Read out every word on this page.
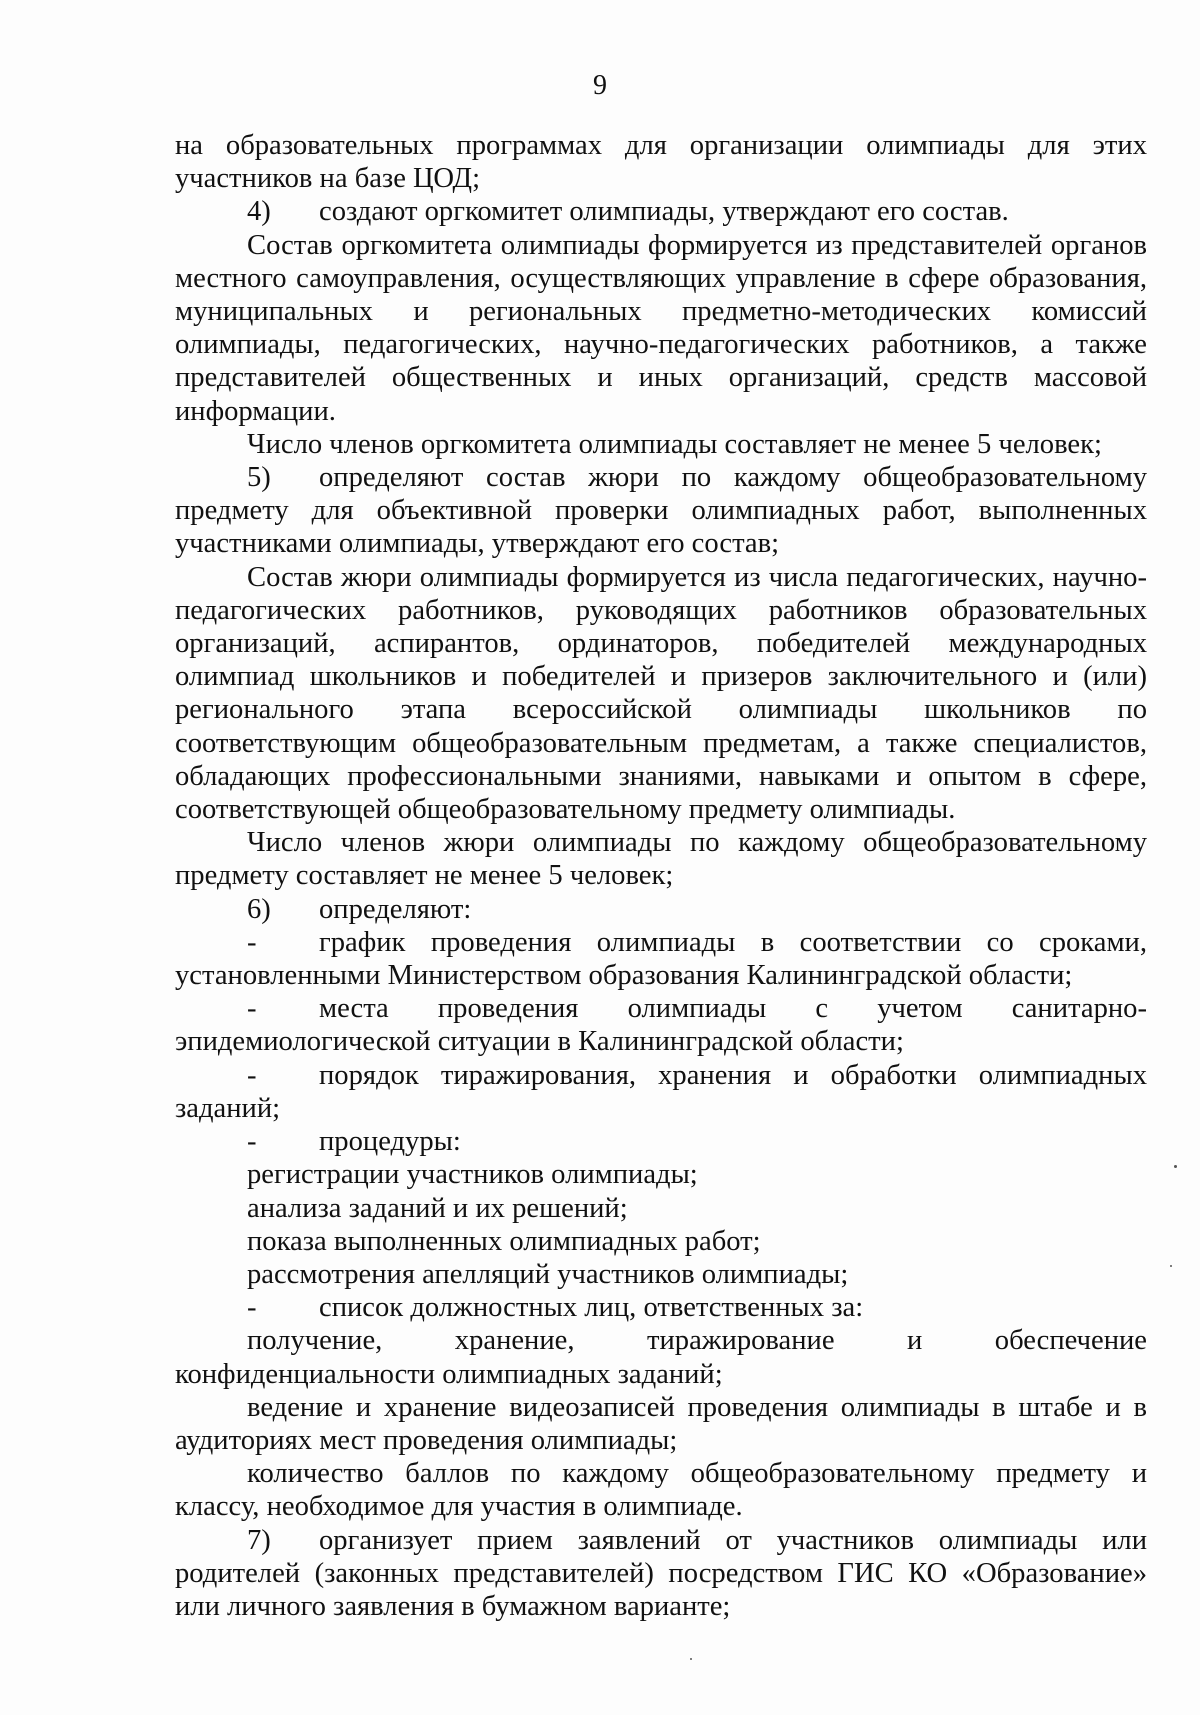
9

на образовательных программах для организации олимпиады для этих участников на базе ЦОД;

4) создают оргкомитет олимпиады, утверждают его состав.

Состав оргкомитета олимпиады формируется из представителей органов местного самоуправления, осуществляющих управление в сфере образования, муниципальных и региональных предметно-методических комиссий олимпиады, педагогических, научно-педагогических работников, а также представителей общественных и иных организаций, средств массовой информации.

Число членов оргкомитета олимпиады составляет не менее 5 человек;

5) определяют состав жюри по каждому общеобразовательному предмету для объективной проверки олимпиадных работ, выполненных участниками олимпиады, утверждают его состав;

Состав жюри олимпиады формируется из числа педагогических, научно-педагогических работников, руководящих работников образовательных организаций, аспирантов, ординаторов, победителей международных олимпиад школьников и победителей и призеров заключительного и (или) регионального этапа всероссийской олимпиады школьников по соответствующим общеобразовательным предметам, а также специалистов, обладающих профессиональными знаниями, навыками и опытом в сфере, соответствующей общеобразовательному предмету олимпиады.

Число членов жюри олимпиады по каждому общеобразовательному предмету составляет не менее 5 человек;

6) определяют:

- график проведения олимпиады в соответствии со сроками, установленными Министерством образования Калининградской области;

- места проведения олимпиады с учетом санитарно-эпидемиологической ситуации в Калининградской области;

- порядок тиражирования, хранения и обработки олимпиадных заданий;

- процедуры:

регистрации участников олимпиады;

анализа заданий и их решений;

показа выполненных олимпиадных работ;

рассмотрения апелляций участников олимпиады;

- список должностных лиц, ответственных за:

получение, хранение, тиражирование и обеспечение конфиденциальности олимпиадных заданий;

ведение и хранение видеозаписей проведения олимпиады в штабе и в аудиториях мест проведения олимпиады;

количество баллов по каждому общеобразовательному предмету и классу, необходимое для участия в олимпиаде.

7) организует прием заявлений от участников олимпиады или родителей (законных представителей) посредством ГИС КО «Образование» или личного заявления в бумажном варианте;
